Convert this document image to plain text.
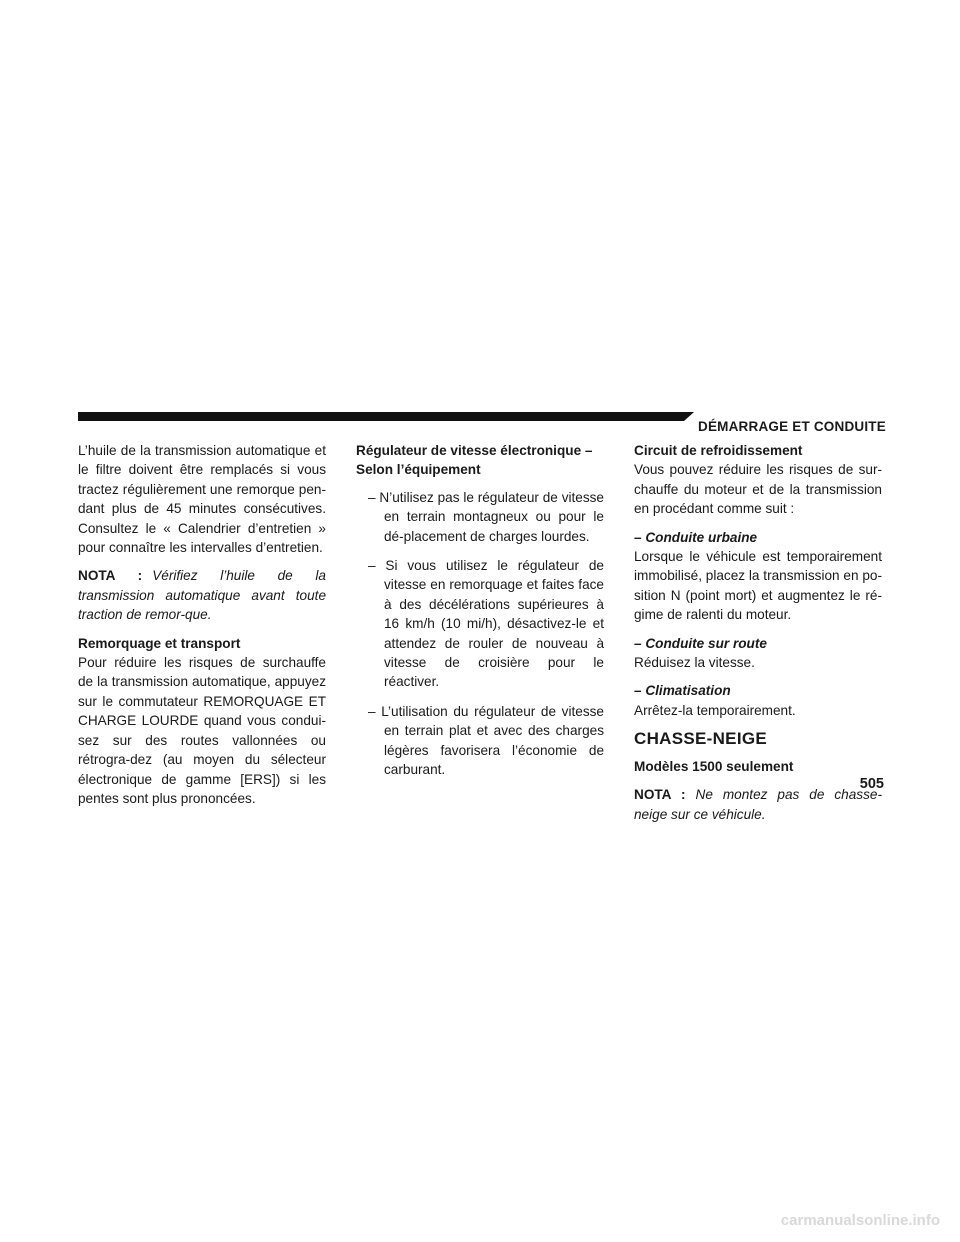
DÉMARRAGE ET CONDUITE

L’huile de la transmission automatique et le filtre doivent être remplacés si vous tractez régulièrement une remorque pen-dant plus de 45 minutes consécutives. Consultez le « Calendrier d’entretien » pour connaître les intervalles d’entretien.

NOTA : Vérifiez l’huile de la transmission automatique avant toute traction de remor-que.

Remorquage et transport

Pour réduire les risques de surchauffe de la transmission automatique, appuyez sur le commutateur REMORQUAGE ET CHARGE LOURDE quand vous condui-sez sur des routes vallonnées ou rétrogra-dez (au moyen du sélecteur électronique de gamme [ERS]) si les pentes sont plus prononcées.

Régulateur de vitesse électronique –
Selon l’équipement

– N’utilisez pas le régulateur de vitesse en terrain montagneux ou pour le dé-placement de charges lourdes.
– Si vous utilisez le régulateur de vitesse en remorquage et faites face à des décélérations supérieures à 16 km/h (10 mi/h), désactivez-le et attendez de rouler de nouveau à vitesse de croisière pour le réactiver.
– L’utilisation du régulateur de vitesse en terrain plat et avec des charges légères favorisera l’économie de carburant.

Circuit de refroidissement

Vous pouvez réduire les risques de sur-chauffe du moteur et de la transmission en procédant comme suit :

– Conduite urbaine

Lorsque le véhicule est temporairement immobilisé, placez la transmission en po-sition N (point mort) et augmentez le ré-gime de ralenti du moteur.

– Conduite sur route

Réduisez la vitesse.

– Climatisation

Arrêtez-la temporairement.

CHASSE-NEIGE

Modèles 1500 seulement

NOTA : Ne montez pas de chasse-neige sur ce véhicule.

505
carmanualsonline.info
